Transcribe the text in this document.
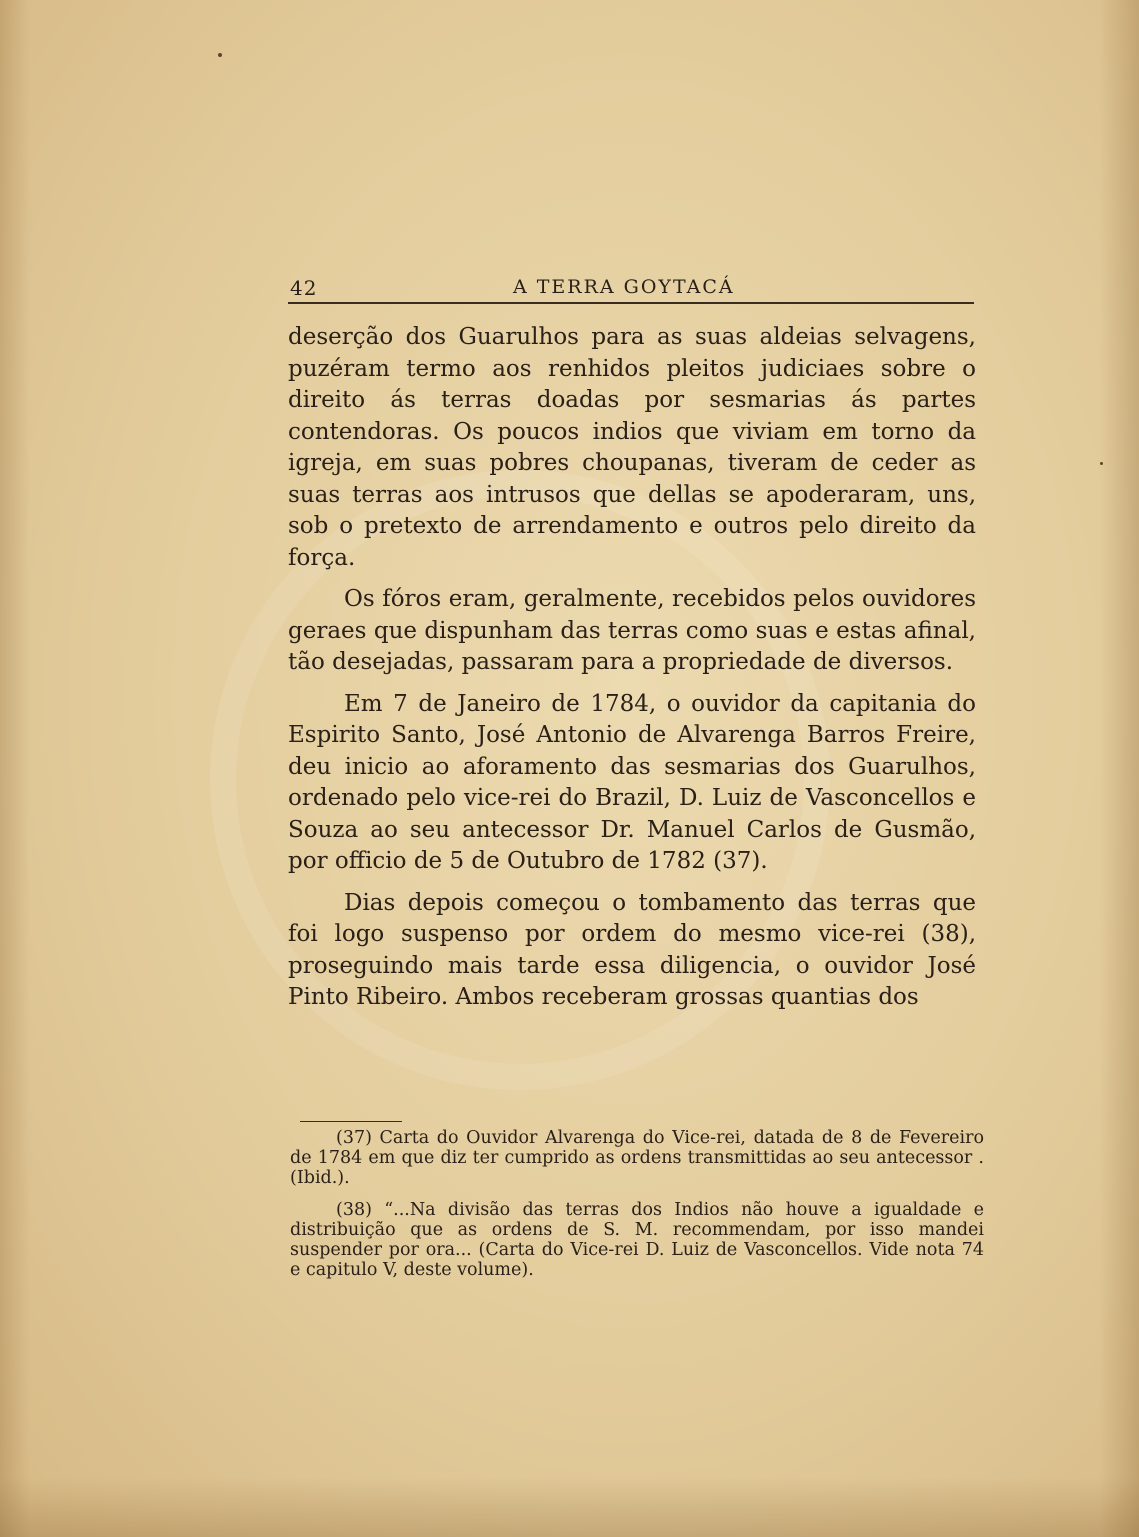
42	A TERRA GOYTACÁ

deserção dos Guarulhos para as suas aldeias selvagens, puzéram termo aos renhidos pleitos judiciaes sobre o direito ás terras doadas por sesmarias ás partes contendoras. Os poucos indios que viviam em torno da igreja, em suas pobres choupanas, tiveram de ceder as suas terras aos intrusos que dellas se apoderaram, uns, sob o pretexto de arrendamento e outros pelo direito da força.

Os fóros eram, geralmente, recebidos pelos ouvidores geraes que dispunham das terras como suas e estas afinal, tão desejadas, passaram para a propriedade de diversos.

Em 7 de Janeiro de 1784, o ouvidor da capitania do Espirito Santo, José Antonio de Alvarenga Barros Freire, deu inicio ao aforamento das sesmarias dos Guarulhos, ordenado pelo vice-rei do Brazil, D. Luiz de Vasconcellos e Souza ao seu antecessor Dr. Manuel Carlos de Gusmão, por officio de 5 de Outubro de 1782 (37).

Dias depois começou o tombamento das terras que foi logo suspenso por ordem do mesmo vice-rei (38), proseguindo mais tarde essa diligencia, o ouvidor José Pinto Ribeiro. Ambos receberam grossas quantias dos

(37) Carta do Ouvidor Alvarenga do Vice-rei, datada de 8 de Fevereiro de 1784 em que diz ter cumprido as ordens transmittidas ao seu antecessor .(Ibid.).

(38) “...Na divisão das terras dos Indios não houve a igualdade e distribuição que as ordens de S. M. recommendam, por isso mandei suspender por ora... (Carta do Vice-rei D. Luiz de Vasconcellos. Vide nota 74 e capitulo V, deste volume).
